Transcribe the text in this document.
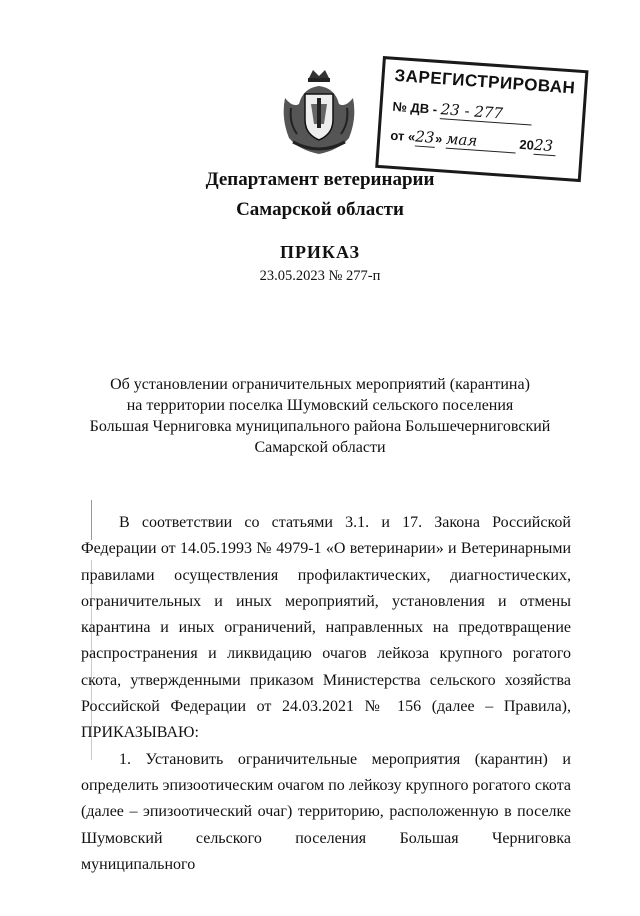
ЗАРЕГИСТРИРОВАН
№ ДВ - 23 - 277
от «23» мая	2023
Департамент ветеринарии
Самарской области
ПРИКАЗ
23.05.2023 № 277-п
Об установлении ограничительных мероприятий (карантина)
на территории поселка Шумовский сельского поселения
Большая Черниговка муниципального района Большечерниговский
Самарской области

В соответствии со статьями 3.1. и 17. Закона Российской Федерации от 14.05.1993 № 4979-1 «О ветеринарии» и Ветеринарными правилами осуществления профилактических, диагностических, ограничительных и иных мероприятий, установления и отмены карантина и иных ограничений, направленных на предотвращение распространения и ликвидацию очагов лейкоза крупного рогатого скота, утвержденными приказом Министерства сельского хозяйства Российской Федерации от 24.03.2021 № 156 (далее – Правила), ПРИКАЗЫВАЮ:

1. Установить ограничительные мероприятия (карантин) и определить эпизоотическим очагом по лейкозу крупного рогатого скота (далее – эпизоотический очаг) территорию, расположенную в поселке Шумовский сельского поселения Большая Черниговка муниципального
